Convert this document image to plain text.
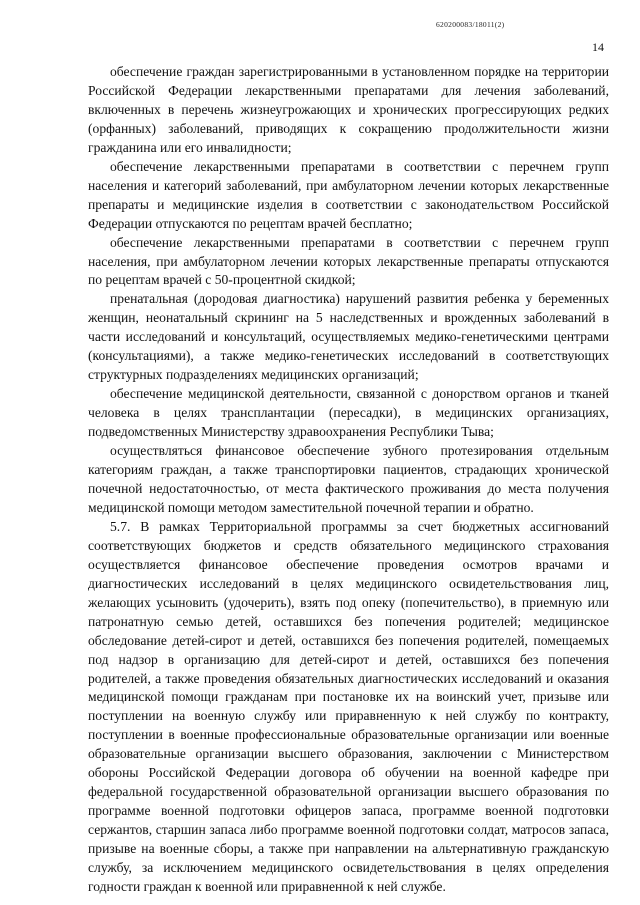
620200083/18011(2)
14

обеспечение граждан зарегистрированными в установленном порядке на территории Российской Федерации лекарственными препаратами для лечения заболеваний, включенных в перечень жизнеугрожающих и хронических прогрессирующих редких (орфанных) заболеваний, приводящих к сокращению продолжительности жизни гражданина или его инвалидности;

обеспечение лекарственными препаратами в соответствии с перечнем групп населения и категорий заболеваний, при амбулаторном лечении которых лекарственные препараты и медицинские изделия в соответствии с законодательством Российской Федерации отпускаются по рецептам врачей бесплатно;

обеспечение лекарственными препаратами в соответствии с перечнем групп населения, при амбулаторном лечении которых лекарственные препараты отпускаются по рецептам врачей с 50-процентной скидкой;

пренатальная (дородовая диагностика) нарушений развития ребенка у беременных женщин, неонатальный скрининг на 5 наследственных и врожденных заболеваний в части исследований и консультаций, осуществляемых медико-генетическими центрами (консультациями), а также медико-генетических исследований в соответствующих структурных подразделениях медицинских организаций;

обеспечение медицинской деятельности, связанной с донорством органов и тканей человека в целях трансплантации (пересадки), в медицинских организациях, подведомственных Министерству здравоохранения Республики Тыва;

осуществляться финансовое обеспечение зубного протезирования отдельным категориям граждан, а также транспортировки пациентов, страдающих хронической почечной недостаточностью, от места фактического проживания до места получения медицинской помощи методом заместительной почечной терапии и обратно.

5.7. В рамках Территориальной программы за счет бюджетных ассигнований соответствующих бюджетов и средств обязательного медицинского страхования осуществляется финансовое обеспечение проведения осмотров врачами и диагностических исследований в целях медицинского освидетельствования лиц, желающих усыновить (удочерить), взять под опеку (попечительство), в приемную или патронатную семью детей, оставшихся без попечения родителей; медицинское обследование детей-сирот и детей, оставшихся без попечения родителей, помещаемых под надзор в организацию для детей-сирот и детей, оставшихся без попечения родителей, а также проведения обязательных диагностических исследований и оказания медицинской помощи гражданам при постановке их на воинский учет, призыве или поступлении на военную службу или приравненную к ней службу по контракту, поступлении в военные профессиональные образовательные организации или военные образовательные организации высшего образования, заключении с Министерством обороны Российской Федерации договора об обучении на военной кафедре при федеральной государственной образовательной организации высшего образования по программе военной подготовки офицеров запаса, программе военной подготовки сержантов, старшин запаса либо программе военной подготовки солдат, матросов запаса, призыве на военные сборы, а также при направлении на альтернативную гражданскую службу, за исключением медицинского освидетельствования в целях определения годности граждан к военной или приравненной к ней службе.
